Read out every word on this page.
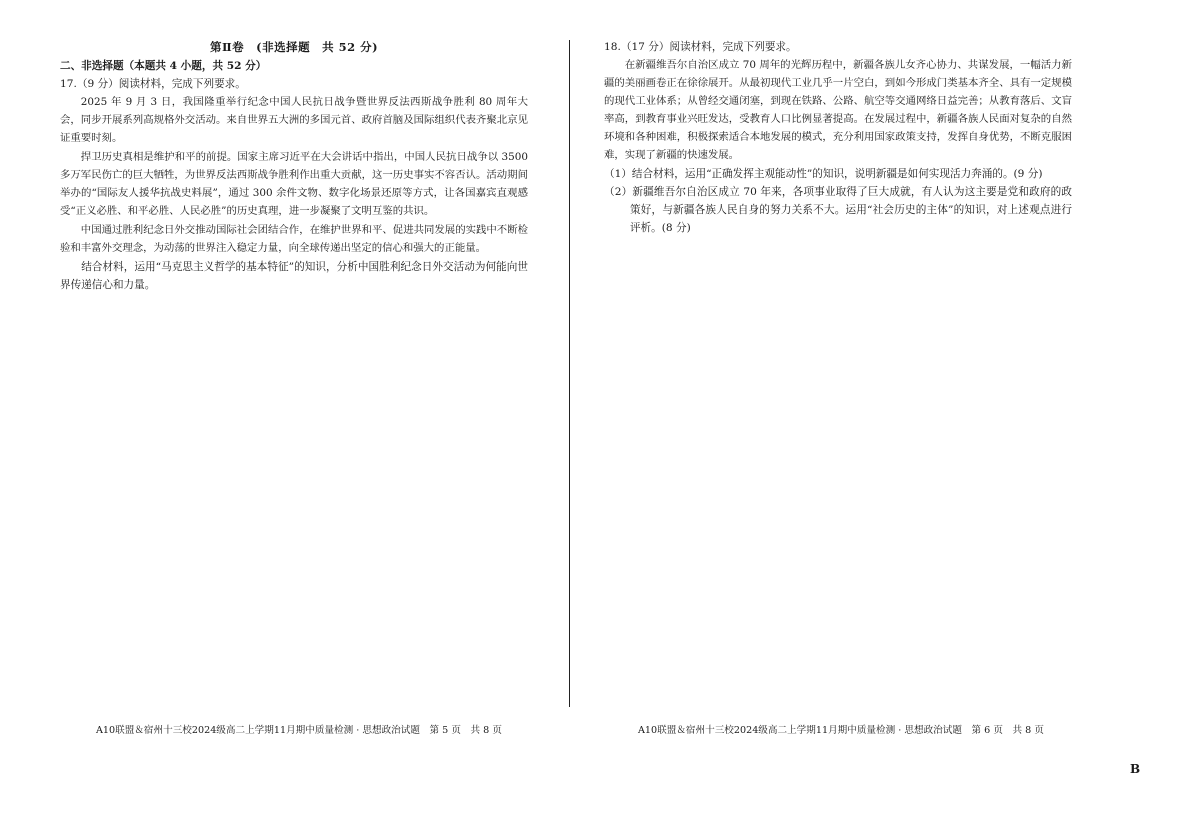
第Ⅱ卷　(非选择题　共 52 分)

二、非选择题（本题共 4 小题，共 52 分）

17.（9 分）阅读材料，完成下列要求。

2025 年 9 月 3 日，我国隆重举行纪念中国人民抗日战争暨世界反法西斯战争胜利 80 周年大会，同步开展系列高规格外交活动。来自世界五大洲的多国元首、政府首脑及国际组织代表齐聚北京见证重要时刻。

捍卫历史真相是维护和平的前提。国家主席习近平在大会讲话中指出，中国人民抗日战争以 3500 多万军民伤亡的巨大牺牲，为世界反法西斯战争胜利作出重大贡献，这一历史事实不容否认。活动期间举办的“国际友人援华抗战史料展”，通过 300 余件文物、数字化场景还原等方式，让各国嘉宾直观感受“正义必胜、和平必胜、人民必胜”的历史真理，进一步凝聚了文明互鉴的共识。

中国通过胜利纪念日外交推动国际社会团结合作，在维护世界和平、促进共同发展的实践中不断检验和丰富外交理念，为动荡的世界注入稳定力量，向全球传递出坚定的信心和强大的正能量。

结合材料，运用“马克思主义哲学的基本特征”的知识，分析中国胜利纪念日外交活动为何能向世界传递信心和力量。

18.（17 分）阅读材料，完成下列要求。

在新疆维吾尔自治区成立 70 周年的光辉历程中，新疆各族儿女齐心协力、共谋发展，一幅活力新疆的美丽画卷正在徐徐展开。从最初现代工业几乎一片空白，到如今形成门类基本齐全、具有一定规模的现代工业体系；从曾经交通闭塞，到现在铁路、公路、航空等交通网络日益完善；从教育落后、文盲率高，到教育事业兴旺发达，受教育人口比例显著提高。在发展过程中，新疆各族人民面对复杂的自然环境和各种困难，积极探索适合本地发展的模式，充分利用国家政策支持，发挥自身优势，不断克服困难，实现了新疆的快速发展。

（1）结合材料，运用“正确发挥主观能动性”的知识，说明新疆是如何实现活力奔涌的。(9 分)

（2）新疆维吾尔自治区成立 70 年来，各项事业取得了巨大成就，有人认为这主要是党和政府的政策好，与新疆各族人民自身的努力关系不大。运用“社会历史的主体”的知识，对上述观点进行评析。(8 分)

A10联盟＆宿州十三校2024级高二上学期11月期中质量检测 · 思想政治试题　第 5 页　共 8 页	A10联盟＆宿州十三校2024级高二上学期11月期中质量检测 · 思想政治试题　第 6 页　共 8 页
B
